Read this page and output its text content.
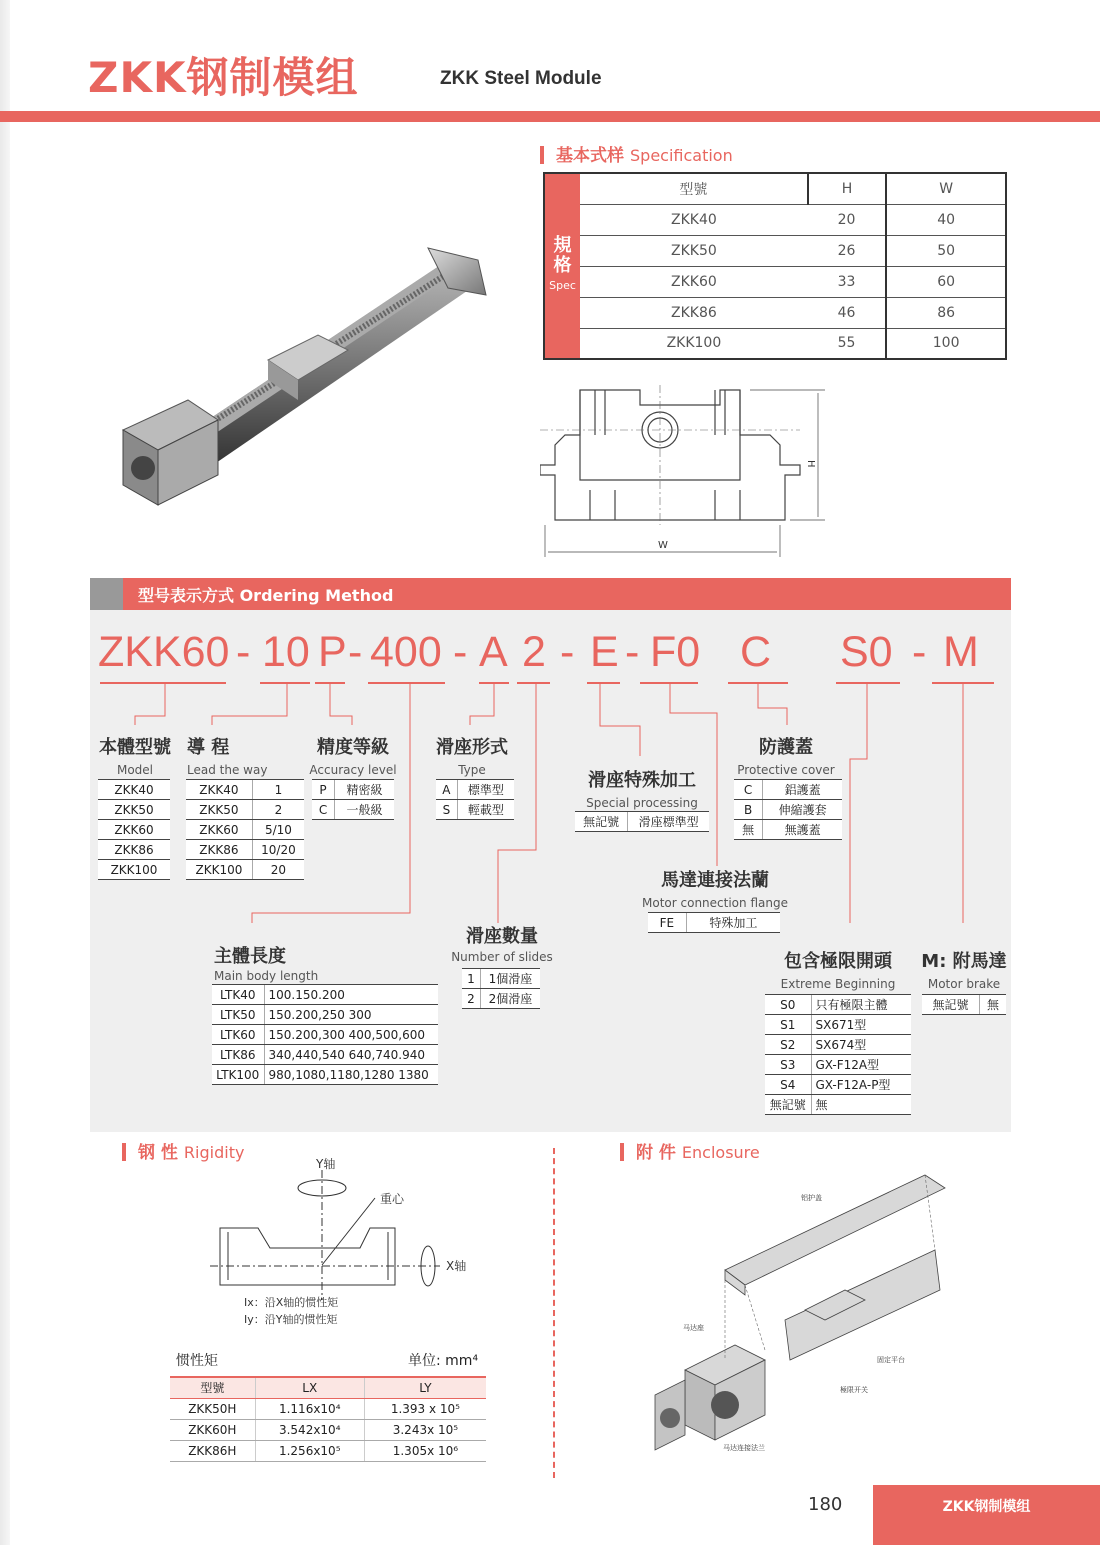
ZKK钢制模组	ZKK Steel Module
基本式样 Specification
規
格
Spec	型號	H	W
	ZKK40	20	40
	ZKK50	26	50
	ZKK60	33	60
	ZKK86	46	86
	ZKK100	55	100
H
W
型号表示方式 Ordering Method
ZKK60 - 10 P - 400 - A 2 - E - F0 C S0 - M
本體型號
Model
ZKK40
ZKK50
ZKK60
ZKK86
ZKK100
導 程
Lead the way
ZKK40	1
ZKK50	2
ZKK60	5/10
ZKK86	10/20
ZKK100	20
精度等級
Accuracy level
P	精密級
C	一般級
滑座形式
Type
A	標準型
S	輕載型
滑座特殊加工
Special processing
無記號	滑座標準型
防護蓋
Protective cover
C	鋁護蓋
B	伸縮護套
無	無護蓋
馬達連接法蘭
Motor connection flange
FE	特殊加工
主體長度
Main body length
LTK40	100.150.200
LTK50	150.200,250 300
LTK60	150.200,300 400,500,600
LTK86	340,440,540 640,740.940
LTK100	980,1080,1180,1280 1380
滑座數量
Number of slides
1	1個滑座
2	2個滑座
包含極限開頭
Extreme Beginning
S0	只有極限主體
S1	SX671型
S2	SX674型
S3	GX-F12A型
S4	GX-F12A-P型
無記號	無
M: 附馬達
Motor brake
無記號	無
钢 性 Rigidity
Y轴
重心
X轴
Ix：沿X轴的惯性矩
Iy：沿Y轴的惯性矩
惯性矩	单位: mm⁴
型號	LX	LY
ZKK50H	1.116x10⁴	1.393 x 10⁵
ZKK60H	3.542x10⁴	3.243x 10⁵
ZKK86H	1.256x10⁵	1.305x 10⁶
附 件 Enclosure
铝护盖
马达座
固定平台
極限开关
马达连接法兰
180	ZKK钢制模组
